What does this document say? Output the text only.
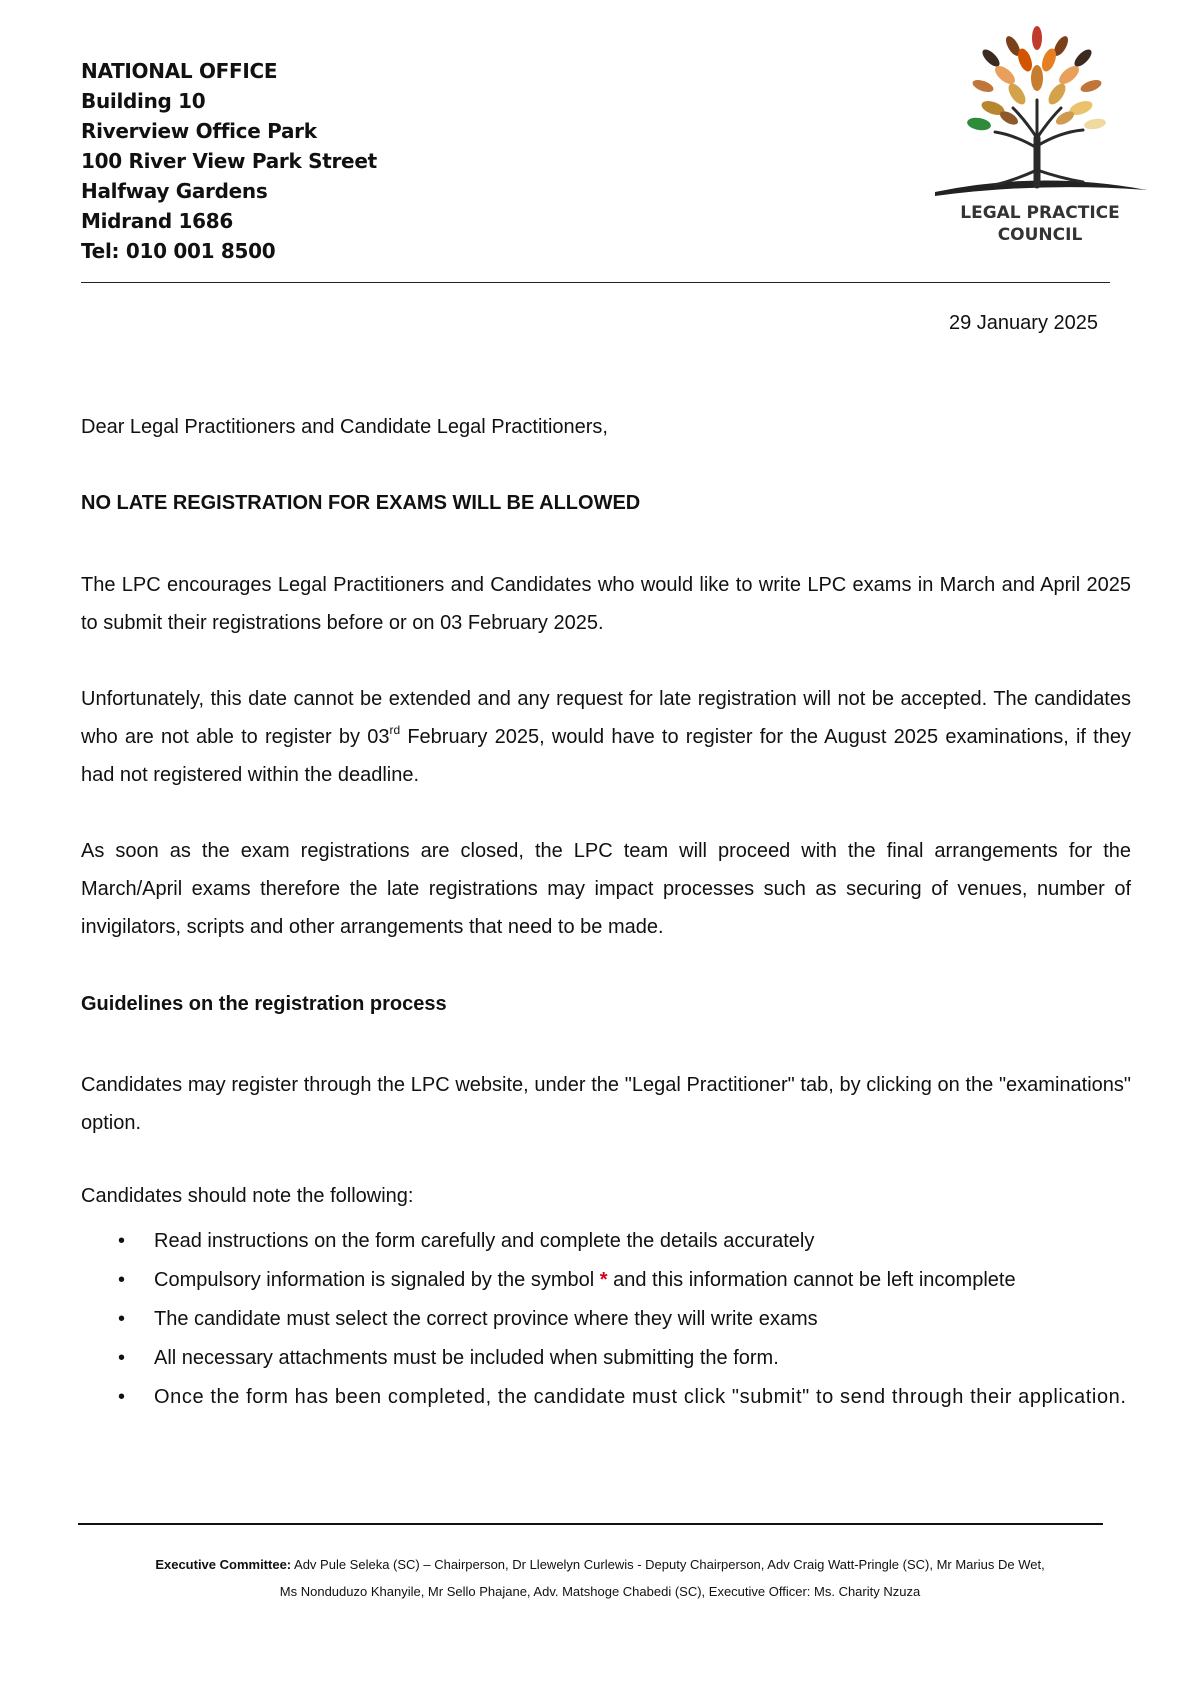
NATIONAL OFFICE
Building 10
Riverview Office Park
100 River View Park Street
Halfway Gardens
Midrand 1686
Tel: 010 001 8500
LEGAL PRACTICE
COUNCIL
29 January 2025
Dear Legal Practitioners and Candidate Legal Practitioners,
NO LATE REGISTRATION FOR EXAMS WILL BE ALLOWED
The LPC encourages Legal Practitioners and Candidates who would like to write LPC exams in March and April 2025 to submit their registrations before or on 03 February 2025.
Unfortunately, this date cannot be extended and any request for late registration will not be accepted. The candidates who are not able to register by 03rd February 2025, would have to register for the August 2025 examinations, if they had not registered within the deadline.
As soon as the exam registrations are closed, the LPC team will proceed with the final arrangements for the March/April exams therefore the late registrations may impact processes such as securing of venues, number of invigilators, scripts and other arrangements that need to be made.
Guidelines on the registration process
Candidates may register through the LPC website, under the "Legal Practitioner" tab, by clicking on the "examinations" option.
Candidates should note the following:
• Read instructions on the form carefully and complete the details accurately
• Compulsory information is signaled by the symbol * and this information cannot be left incomplete
• The candidate must select the correct province where they will write exams
• All necessary attachments must be included when submitting the form.
• Once the form has been completed, the candidate must click "submit" to send through their application.
Executive Committee: Adv Pule Seleka (SC) – Chairperson, Dr Llewelyn Curlewis - Deputy Chairperson, Adv Craig Watt-Pringle (SC), Mr Marius De Wet,
Ms Nonduduzo Khanyile, Mr Sello Phajane, Adv. Matshoge Chabedi (SC), Executive Officer: Ms. Charity Nzuza
